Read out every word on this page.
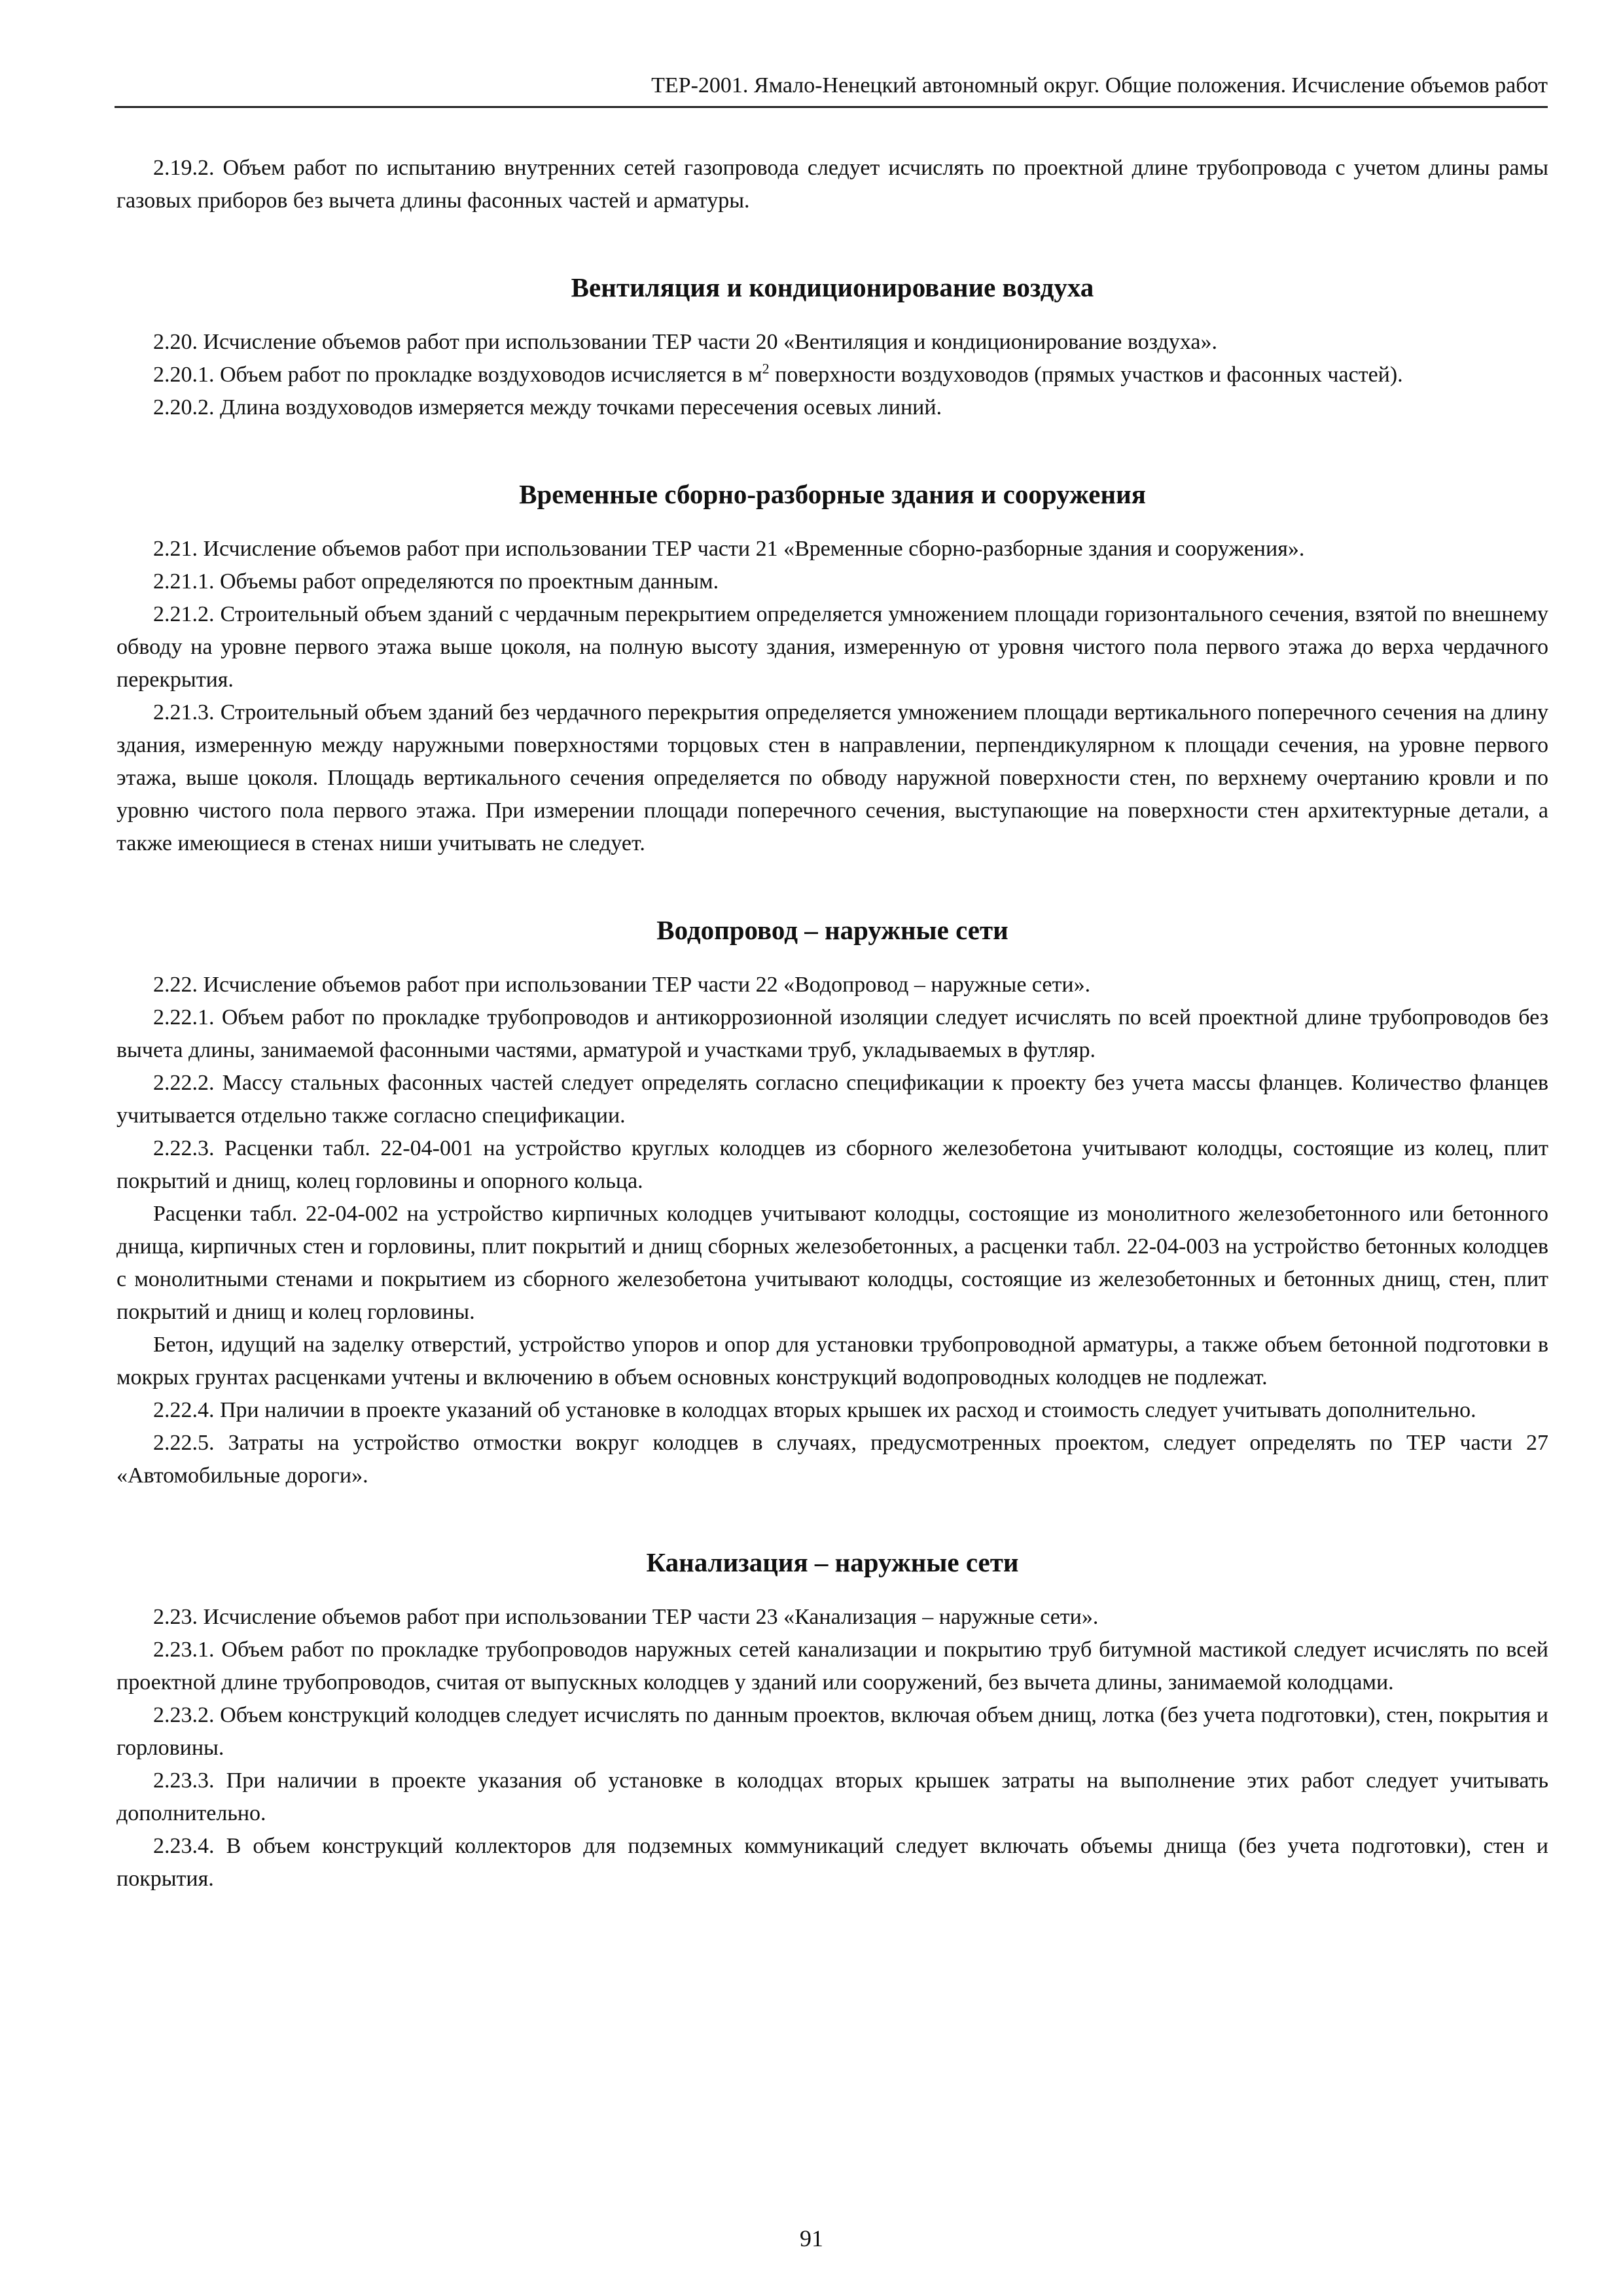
ТЕР-2001. Ямало-Ненецкий автономный округ. Общие положения. Исчисление объемов работ

2.19.2. Объем работ по испытанию внутренних сетей газопровода следует исчислять по проектной длине трубопровода с учетом длины рамы газовых приборов без вычета длины фасонных частей и арматуры.

Вентиляция и кондиционирование воздуха

2.20. Исчисление объемов работ при использовании ТЕР части 20 «Вентиляция и кондиционирование воздуха».

2.20.1. Объем работ по прокладке воздуховодов исчисляется в $м^2$ поверхности воздуховодов (прямых участков и фасонных частей).

2.20.2. Длина воздуховодов измеряется между точками пересечения осевых линий.

Временные сборно-разборные здания и сооружения

2.21. Исчисление объемов работ при использовании ТЕР части 21 «Временные сборно-разборные здания и сооружения».

2.21.1. Объемы работ определяются по проектным данным.

2.21.2. Строительный объем зданий с чердачным перекрытием определяется умножением площади горизонтального сечения, взятой по внешнему обводу на уровне первого этажа выше цоколя, на полную высоту здания, измеренную от уровня чистого пола первого этажа до верха чердачного перекрытия.

2.21.3. Строительный объем зданий без чердачного перекрытия определяется умножением площади вертикального поперечного сечения на длину здания, измеренную между наружными поверхностями торцовых стен в направлении, перпендикулярном к площади сечения, на уровне первого этажа, выше цоколя. Площадь вертикального сечения определяется по обводу наружной поверхности стен, по верхнему очертанию кровли и по уровню чистого пола первого этажа. При измерении площади поперечного сечения, выступающие на поверхности стен архитектурные детали, а также имеющиеся в стенах ниши учитывать не следует.

Водопровод – наружные сети

2.22. Исчисление объемов работ при использовании ТЕР части 22 «Водопровод – наружные сети».

2.22.1. Объем работ по прокладке трубопроводов и антикоррозионной изоляции следует исчислять по всей проектной длине трубопроводов без вычета длины, занимаемой фасонными частями, арматурой и участками труб, укладываемых в футляр.

2.22.2. Массу стальных фасонных частей следует определять согласно спецификации к проекту без учета массы фланцев. Количество фланцев учитывается отдельно также согласно спецификации.

2.22.3. Расценки табл. 22-04-001 на устройство круглых колодцев из сборного железобетона учитывают колодцы, состоящие из колец, плит покрытий и днищ, колец горловины и опорного кольца.

Расценки табл. 22-04-002 на устройство кирпичных колодцев учитывают колодцы, состоящие из монолитного железобетонного или бетонного днища, кирпичных стен и горловины, плит покрытий и днищ сборных железобетонных, а расценки табл. 22-04-003 на устройство бетонных колодцев с монолитными стенами и покрытием из сборного железобетона учитывают колодцы, состоящие из железобетонных и бетонных днищ, стен, плит покрытий и днищ и колец горловины.

Бетон, идущий на заделку отверстий, устройство упоров и опор для установки трубопроводной арматуры, а также объем бетонной подготовки в мокрых грунтах расценками учтены и включению в объем основных конструкций водопроводных колодцев не подлежат.

2.22.4. При наличии в проекте указаний об установке в колодцах вторых крышек их расход и стоимость следует учитывать дополнительно.

2.22.5. Затраты на устройство отмостки вокруг колодцев в случаях, предусмотренных проектом, следует определять по ТЕР части 27 «Автомобильные дороги».

Канализация – наружные сети

2.23. Исчисление объемов работ при использовании ТЕР части 23 «Канализация – наружные сети».

2.23.1. Объем работ по прокладке трубопроводов наружных сетей канализации и покрытию труб битумной мастикой следует исчислять по всей проектной длине трубопроводов, считая от выпускных колодцев у зданий или сооружений, без вычета длины, занимаемой колодцами.

2.23.2. Объем конструкций колодцев следует исчислять по данным проектов, включая объем днищ, лотка (без учета подготовки), стен, покрытия и горловины.

2.23.3. При наличии в проекте указания об установке в колодцах вторых крышек затраты на выполнение этих работ следует учитывать дополнительно.

2.23.4. В объем конструкций коллекторов для подземных коммуникаций следует включать объемы днища (без учета подготовки), стен и покрытия.

91
